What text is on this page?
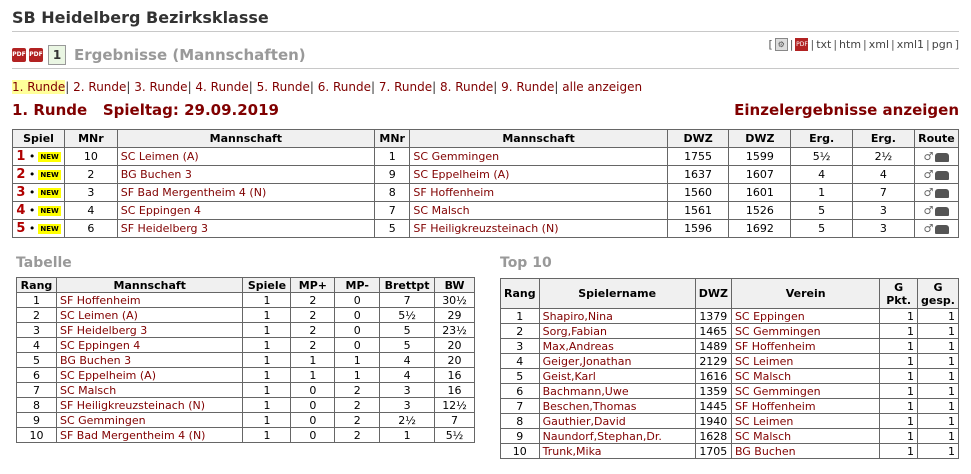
SB Heidelberg Bezirksklasse
PDF PDF 1 Ergebnisse (Mannschaften)
[ ⚙ | PDF | txt | htm | xml | xml1 | pgn ]
1. Runde| 2. Runde| 3. Runde| 4. Runde| 5. Runde| 6. Runde| 7. Runde| 8. Runde| 9. Runde| alle anzeigen
1. Runde   Spieltag: 29.09.2019	Einzelergebnisse anzeigen
Spiel	MNr	Mannschaft	MNr	Mannschaft	DWZ	DWZ	Erg.	Erg.	Route
1 • NEW	10	SC Leimen (A)	1	SC Gemmingen	1755	1599	5½	2½	♂
2 • NEW	2	BG Buchen 3	9	SC Eppelheim (A)	1637	1607	4	4	♂
3 • NEW	3	SF Bad Mergentheim 4 (N)	8	SF Hoffenheim	1560	1601	1	7	♂
4 • NEW	4	SC Eppingen 4	7	SC Malsch	1561	1526	5	3	♂
5 • NEW	6	SF Heidelberg 3	5	SF Heiligkreuzsteinach (N)	1596	1692	5	3	♂
Tabelle	Top 10
Rang	Mannschaft	Spiele	MP+	MP-	Brettpt	BW
1	SF Hoffenheim	1	2	0	7	30½
2	SC Leimen (A)	1	2	0	5½	29
3	SF Heidelberg 3	1	2	0	5	23½
4	SC Eppingen 4	1	2	0	5	20
5	BG Buchen 3	1	1	1	4	20
6	SC Eppelheim (A)	1	1	1	4	16
7	SC Malsch	1	0	2	3	16
8	SF Heiligkreuzsteinach (N)	1	0	2	3	12½
9	SC Gemmingen	1	0	2	2½	7
10	SF Bad Mergentheim 4 (N)	1	0	2	1	5½
Rang	Spielername	DWZ	Verein	G Pkt.	G gesp.
1	Shapiro,Nina	1379	SC Eppingen	1	1
2	Sorg,Fabian	1465	SC Gemmingen	1	1
3	Max,Andreas	1489	SF Hoffenheim	1	1
4	Geiger,Jonathan	2129	SC Leimen	1	1
5	Geist,Karl	1616	SC Malsch	1	1
6	Bachmann,Uwe	1359	SC Gemmingen	1	1
7	Beschen,Thomas	1445	SF Hoffenheim	1	1
8	Gauthier,David	1940	SC Leimen	1	1
9	Naundorf,Stephan,Dr.	1628	SC Malsch	1	1
10	Trunk,Mika	1705	BG Buchen	1	1
